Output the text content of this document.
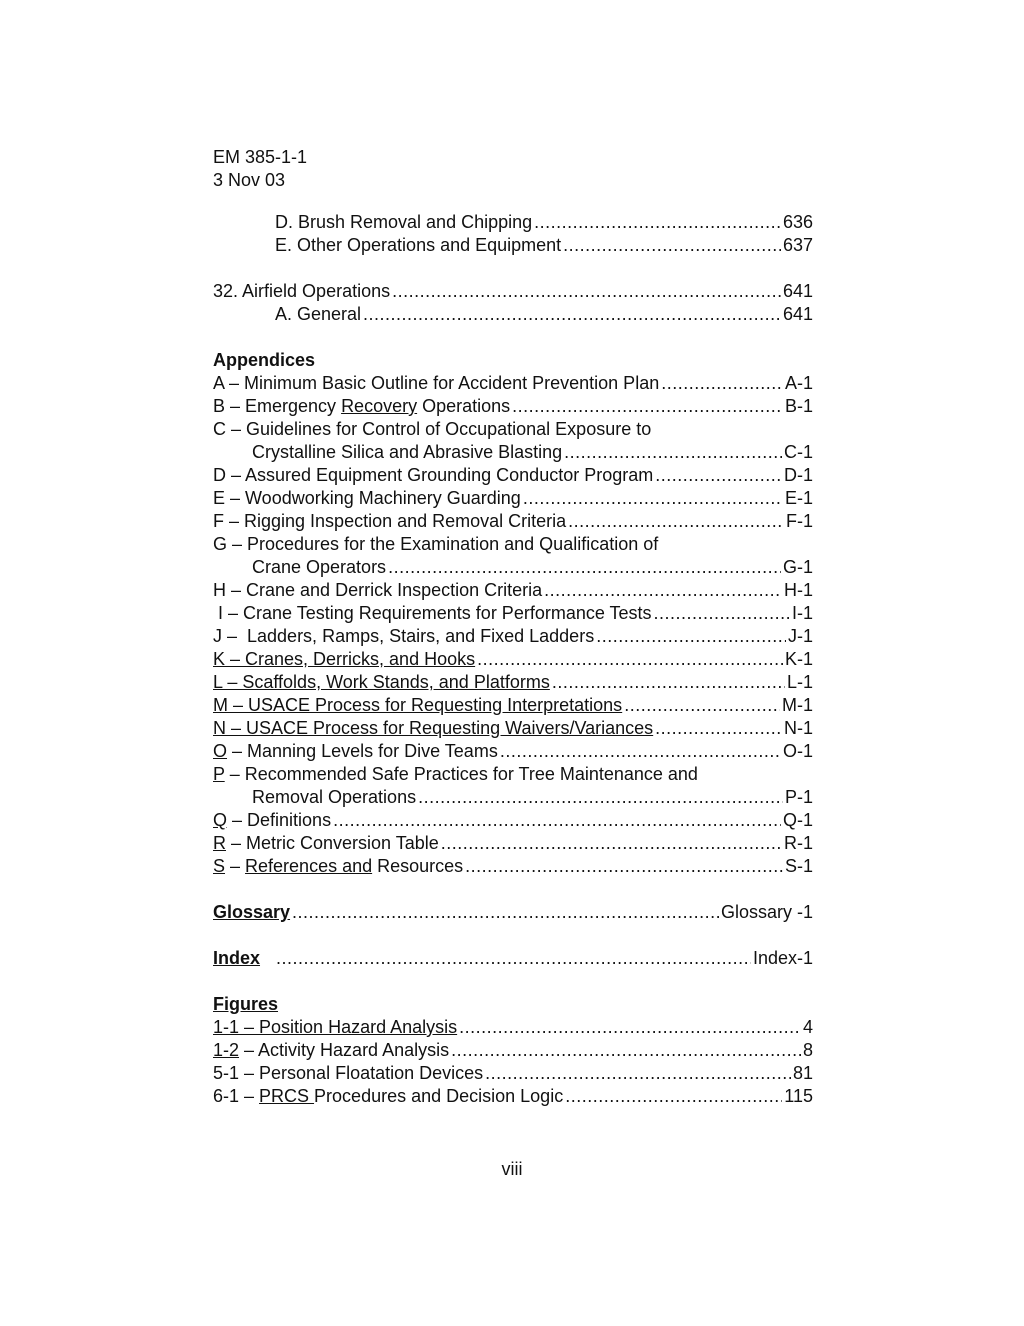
EM 385-1-1
3 Nov 03
D. Brush Removal and Chipping .....	636
E. Other Operations and Equipment .....	637
32. Airfield Operations .....	641
A. General .....	641
Appendices
A – Minimum Basic Outline for Accident Prevention Plan .....	A-1
B – Emergency Recovery Operations .....	B-1
C – Guidelines for Control of Occupational Exposure to
Crystalline Silica and Abrasive Blasting .....	C-1
D – Assured Equipment Grounding Conductor Program .....	D-1
E – Woodworking Machinery Guarding .....	E-1
F – Rigging Inspection and Removal Criteria .....	F-1
G – Procedures for the Examination and Qualification of
Crane Operators .....	G-1
H – Crane and Derrick Inspection Criteria .....	H-1
I – Crane Testing Requirements for Performance Tests .....	I-1
J –  Ladders, Ramps, Stairs, and Fixed Ladders .....	J-1
K – Cranes, Derricks, and Hooks .....	K-1
L – Scaffolds, Work Stands, and Platforms .....	L-1
M – USACE Process for Requesting Interpretations .....	M-1
N – USACE Process for Requesting Waivers/Variances .....	N-1
O – Manning Levels for Dive Teams .....	O-1
P – Recommended Safe Practices for Tree Maintenance and
Removal Operations .....	P-1
Q – Definitions .....	Q-1
R – Metric Conversion Table .....	R-1
S – References and Resources .....	S-1
Glossary .....	Glossary -1
Index .....	Index-1
Figures
1-1 – Position Hazard Analysis .....	4
1-2 – Activity Hazard Analysis .....	8
5-1 – Personal Floatation Devices .....	81
6-1 – PRCS Procedures and Decision Logic .....	115
viii
